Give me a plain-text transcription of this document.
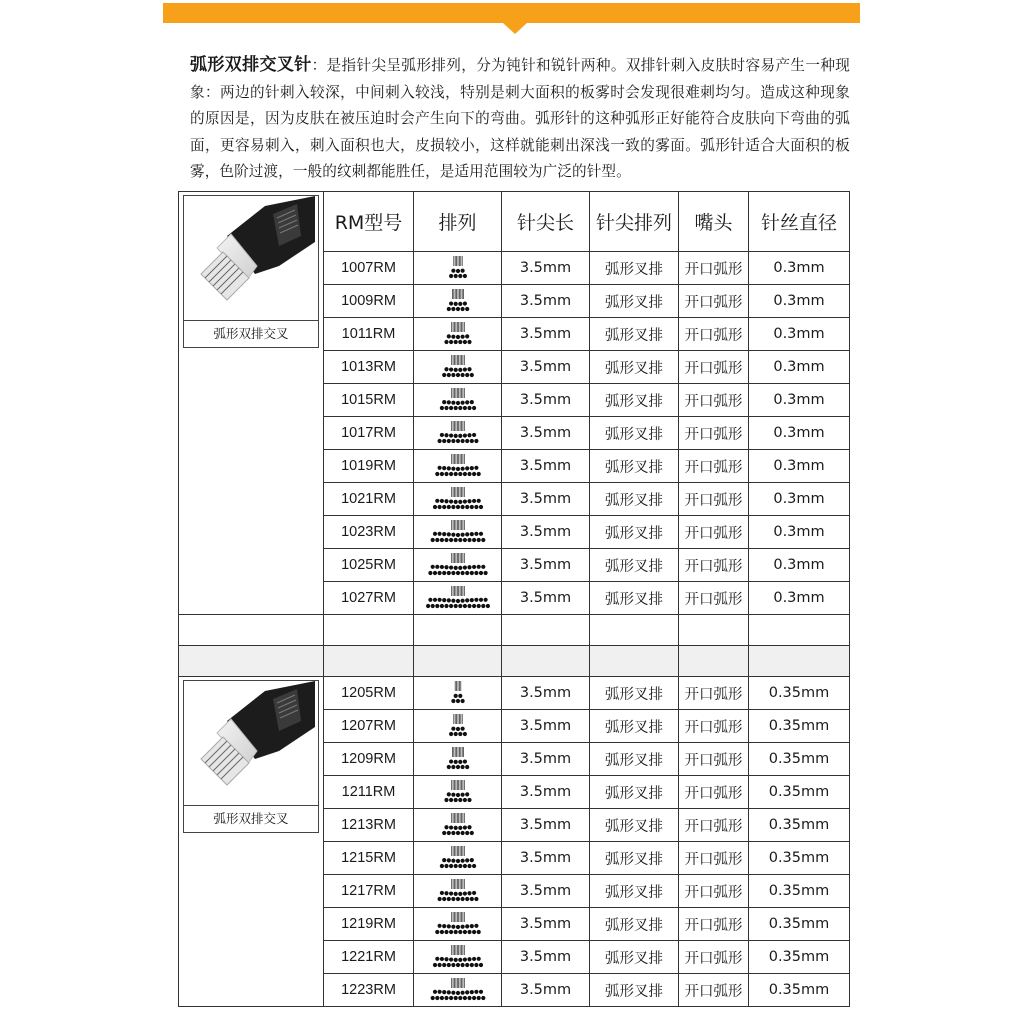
弧形双排交叉针：是指针尖呈弧形排列，分为钝针和锐针两种。双排针刺入皮肤时容易产生一种现象：两边的针刺入较深，中间刺入较浅，特别是刺大面积的板雾时会发现很难刺均匀。造成这种现象的原因是，因为皮肤在被压迫时会产生向下的弯曲。弧形针的这种弧形正好能符合皮肤向下弯曲的弧面，更容易刺入，刺入面积也大，皮损较小，这样就能刺出深浅一致的雾面。弧形针适合大面积的板雾，色阶过渡，一般的纹刺都能胜任，是适用范围较为广泛的针型。
弧形双排交叉	RM型号	排列	针尖长	针尖排列	嘴头	针丝直径
	1007RM		3.5mm	弧形叉排	开口弧形	0.3mm
	1009RM		3.5mm	弧形叉排	开口弧形	0.3mm
	1011RM		3.5mm	弧形叉排	开口弧形	0.3mm
	1013RM		3.5mm	弧形叉排	开口弧形	0.3mm
	1015RM		3.5mm	弧形叉排	开口弧形	0.3mm
	1017RM		3.5mm	弧形叉排	开口弧形	0.3mm
	1019RM		3.5mm	弧形叉排	开口弧形	0.3mm
	1021RM		3.5mm	弧形叉排	开口弧形	0.3mm
	1023RM		3.5mm	弧形叉排	开口弧形	0.3mm
	1025RM		3.5mm	弧形叉排	开口弧形	0.3mm
	1027RM		3.5mm	弧形叉排	开口弧形	0.3mm

弧形双排交叉	1205RM		3.5mm	弧形叉排	开口弧形	0.35mm
	1207RM		3.5mm	弧形叉排	开口弧形	0.35mm
	1209RM		3.5mm	弧形叉排	开口弧形	0.35mm
	1211RM		3.5mm	弧形叉排	开口弧形	0.35mm
	1213RM		3.5mm	弧形叉排	开口弧形	0.35mm
	1215RM		3.5mm	弧形叉排	开口弧形	0.35mm
	1217RM		3.5mm	弧形叉排	开口弧形	0.35mm
	1219RM		3.5mm	弧形叉排	开口弧形	0.35mm
	1221RM		3.5mm	弧形叉排	开口弧形	0.35mm
	1223RM		3.5mm	弧形叉排	开口弧形	0.35mm
